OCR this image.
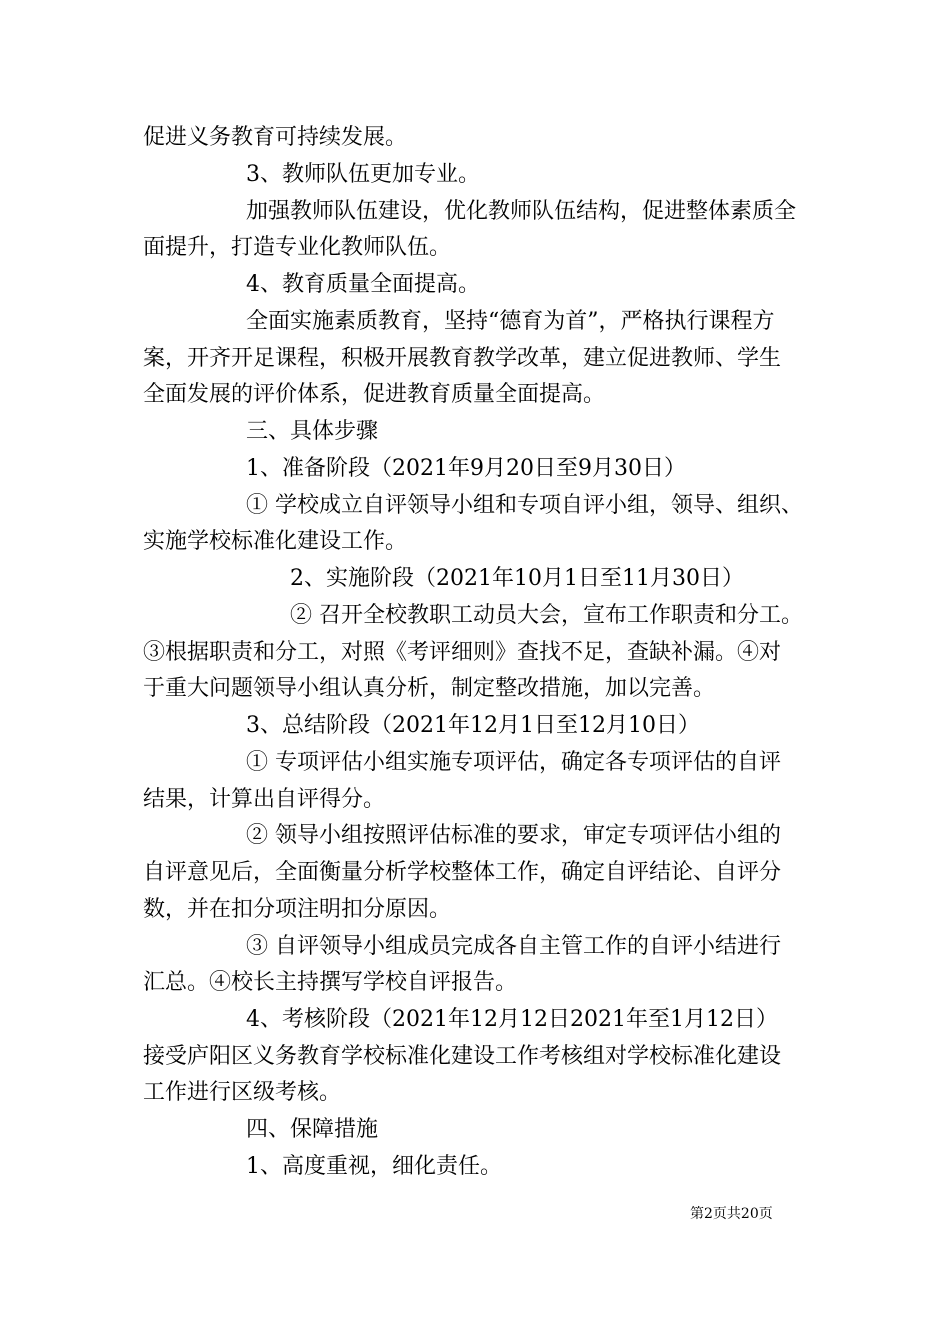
促进义务教育可持续发展。
3、教师队伍更加专业。
加强教师队伍建设，优化教师队伍结构，促进整体素质全
面提升，打造专业化教师队伍。
4、教育质量全面提高。
全面实施素质教育，坚持“德育为首”，严格执行课程方
案，开齐开足课程，积极开展教育教学改革，建立促进教师、学生
全面发展的评价体系，促进教育质量全面提高。
三、具体步骤
1、准备阶段（2021年9月20日至9月30日）
① 学校成立自评领导小组和专项自评小组，领导、组织、
实施学校标准化建设工作。
2、实施阶段（2021年10月1日至11月30日）
② 召开全校教职工动员大会，宣布工作职责和分工。
③根据职责和分工，对照《考评细则》查找不足，查缺补漏。④对
于重大问题领导小组认真分析，制定整改措施，加以完善。
3、总结阶段（2021年12月1日至12月10日）
① 专项评估小组实施专项评估，确定各专项评估的自评
结果，计算出自评得分。
② 领导小组按照评估标准的要求，审定专项评估小组的
自评意见后，全面衡量分析学校整体工作，确定自评结论、自评分
数，并在扣分项注明扣分原因。
③ 自评领导小组成员完成各自主管工作的自评小结进行
汇总。④校长主持撰写学校自评报告。
4、考核阶段（2021年12月12日2021年至1月12日）
接受庐阳区义务教育学校标准化建设工作考核组对学校标准化建设
工作进行区级考核。
四、保障措施
1、高度重视，细化责任。
第2页共20页
